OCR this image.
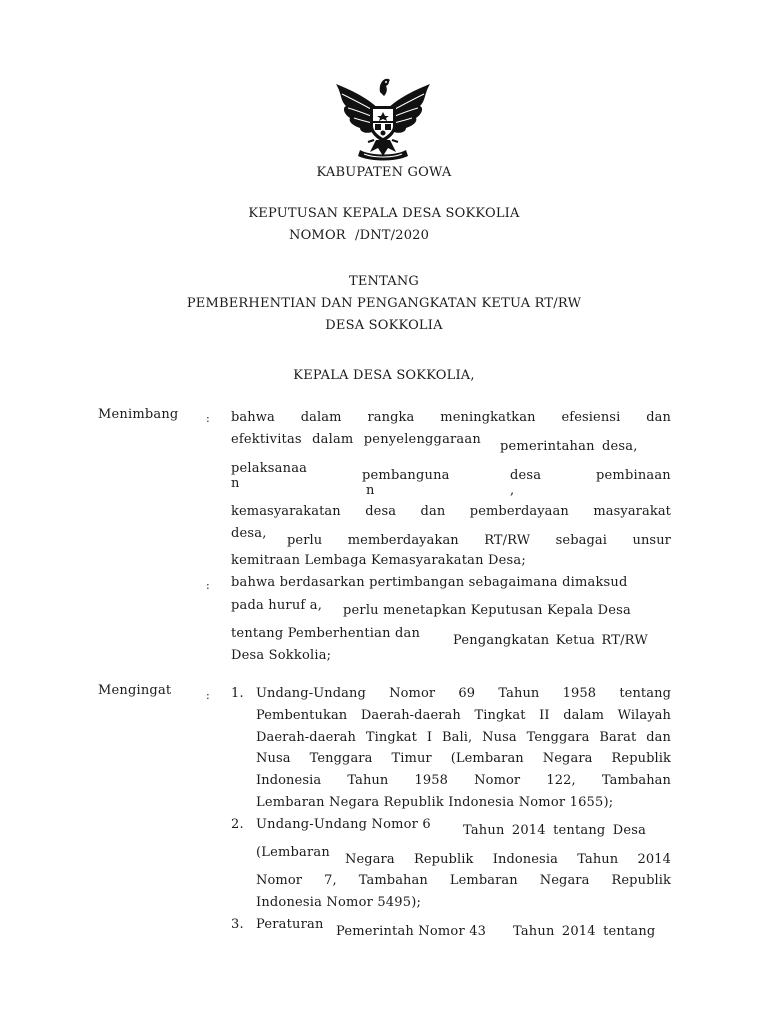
KABUPATEN GOWA
KEPUTUSAN KEPALA DESA SOKKOLIA
NOMOR /DNT/2020
TENTANG
PEMBERHENTIAN DAN PENGANGKATAN KETUA RT/RW
DESA SOKKOLIA
KEPALA DESA SOKKOLIA,
Menimbang	: bahwa dalam rangka meningkatkan efesiensi dan
efektivitas dalam penyelenggaraan pemerintahan desa,
pelaksanaa
n
pembanguna
n
desa
,
pembinaan
kemasyarakatan desa dan pemberdayaan masyarakat
desa, perlu memberdayakan RT/RW sebagai unsur
kemitraan Lembaga Kemasyarakatan Desa;
: bahwa berdasarkan pertimbangan sebagaimana dimaksud
pada huruf a, perlu menetapkan Keputusan Kepala Desa
tentang Pemberhentian dan	Pengangkatan Ketua RT/RW
Desa Sokkolia;
Mengingat	: 1. Undang-Undang Nomor 69 Tahun 1958 tentang
Pembentukan Daerah-daerah Tingkat II dalam Wilayah
Daerah-daerah Tingkat I Bali, Nusa Tenggara Barat dan
Nusa Tenggara Timur (Lembaran Negara Republik
Indonesia Tahun 1958 Nomor 122, Tambahan
Lembaran Negara Republik Indonesia Nomor 1655);
2. Undang-Undang Nomor 6 Tahun 2014 tentang Desa
(Lembaran Negara Republik Indonesia Tahun 2014
Nomor 7, Tambahan Lembaran Negara Republik
Indonesia Nomor 5495);
3. Peraturan Pemerintah Nomor 43 Tahun 2014 tentang
